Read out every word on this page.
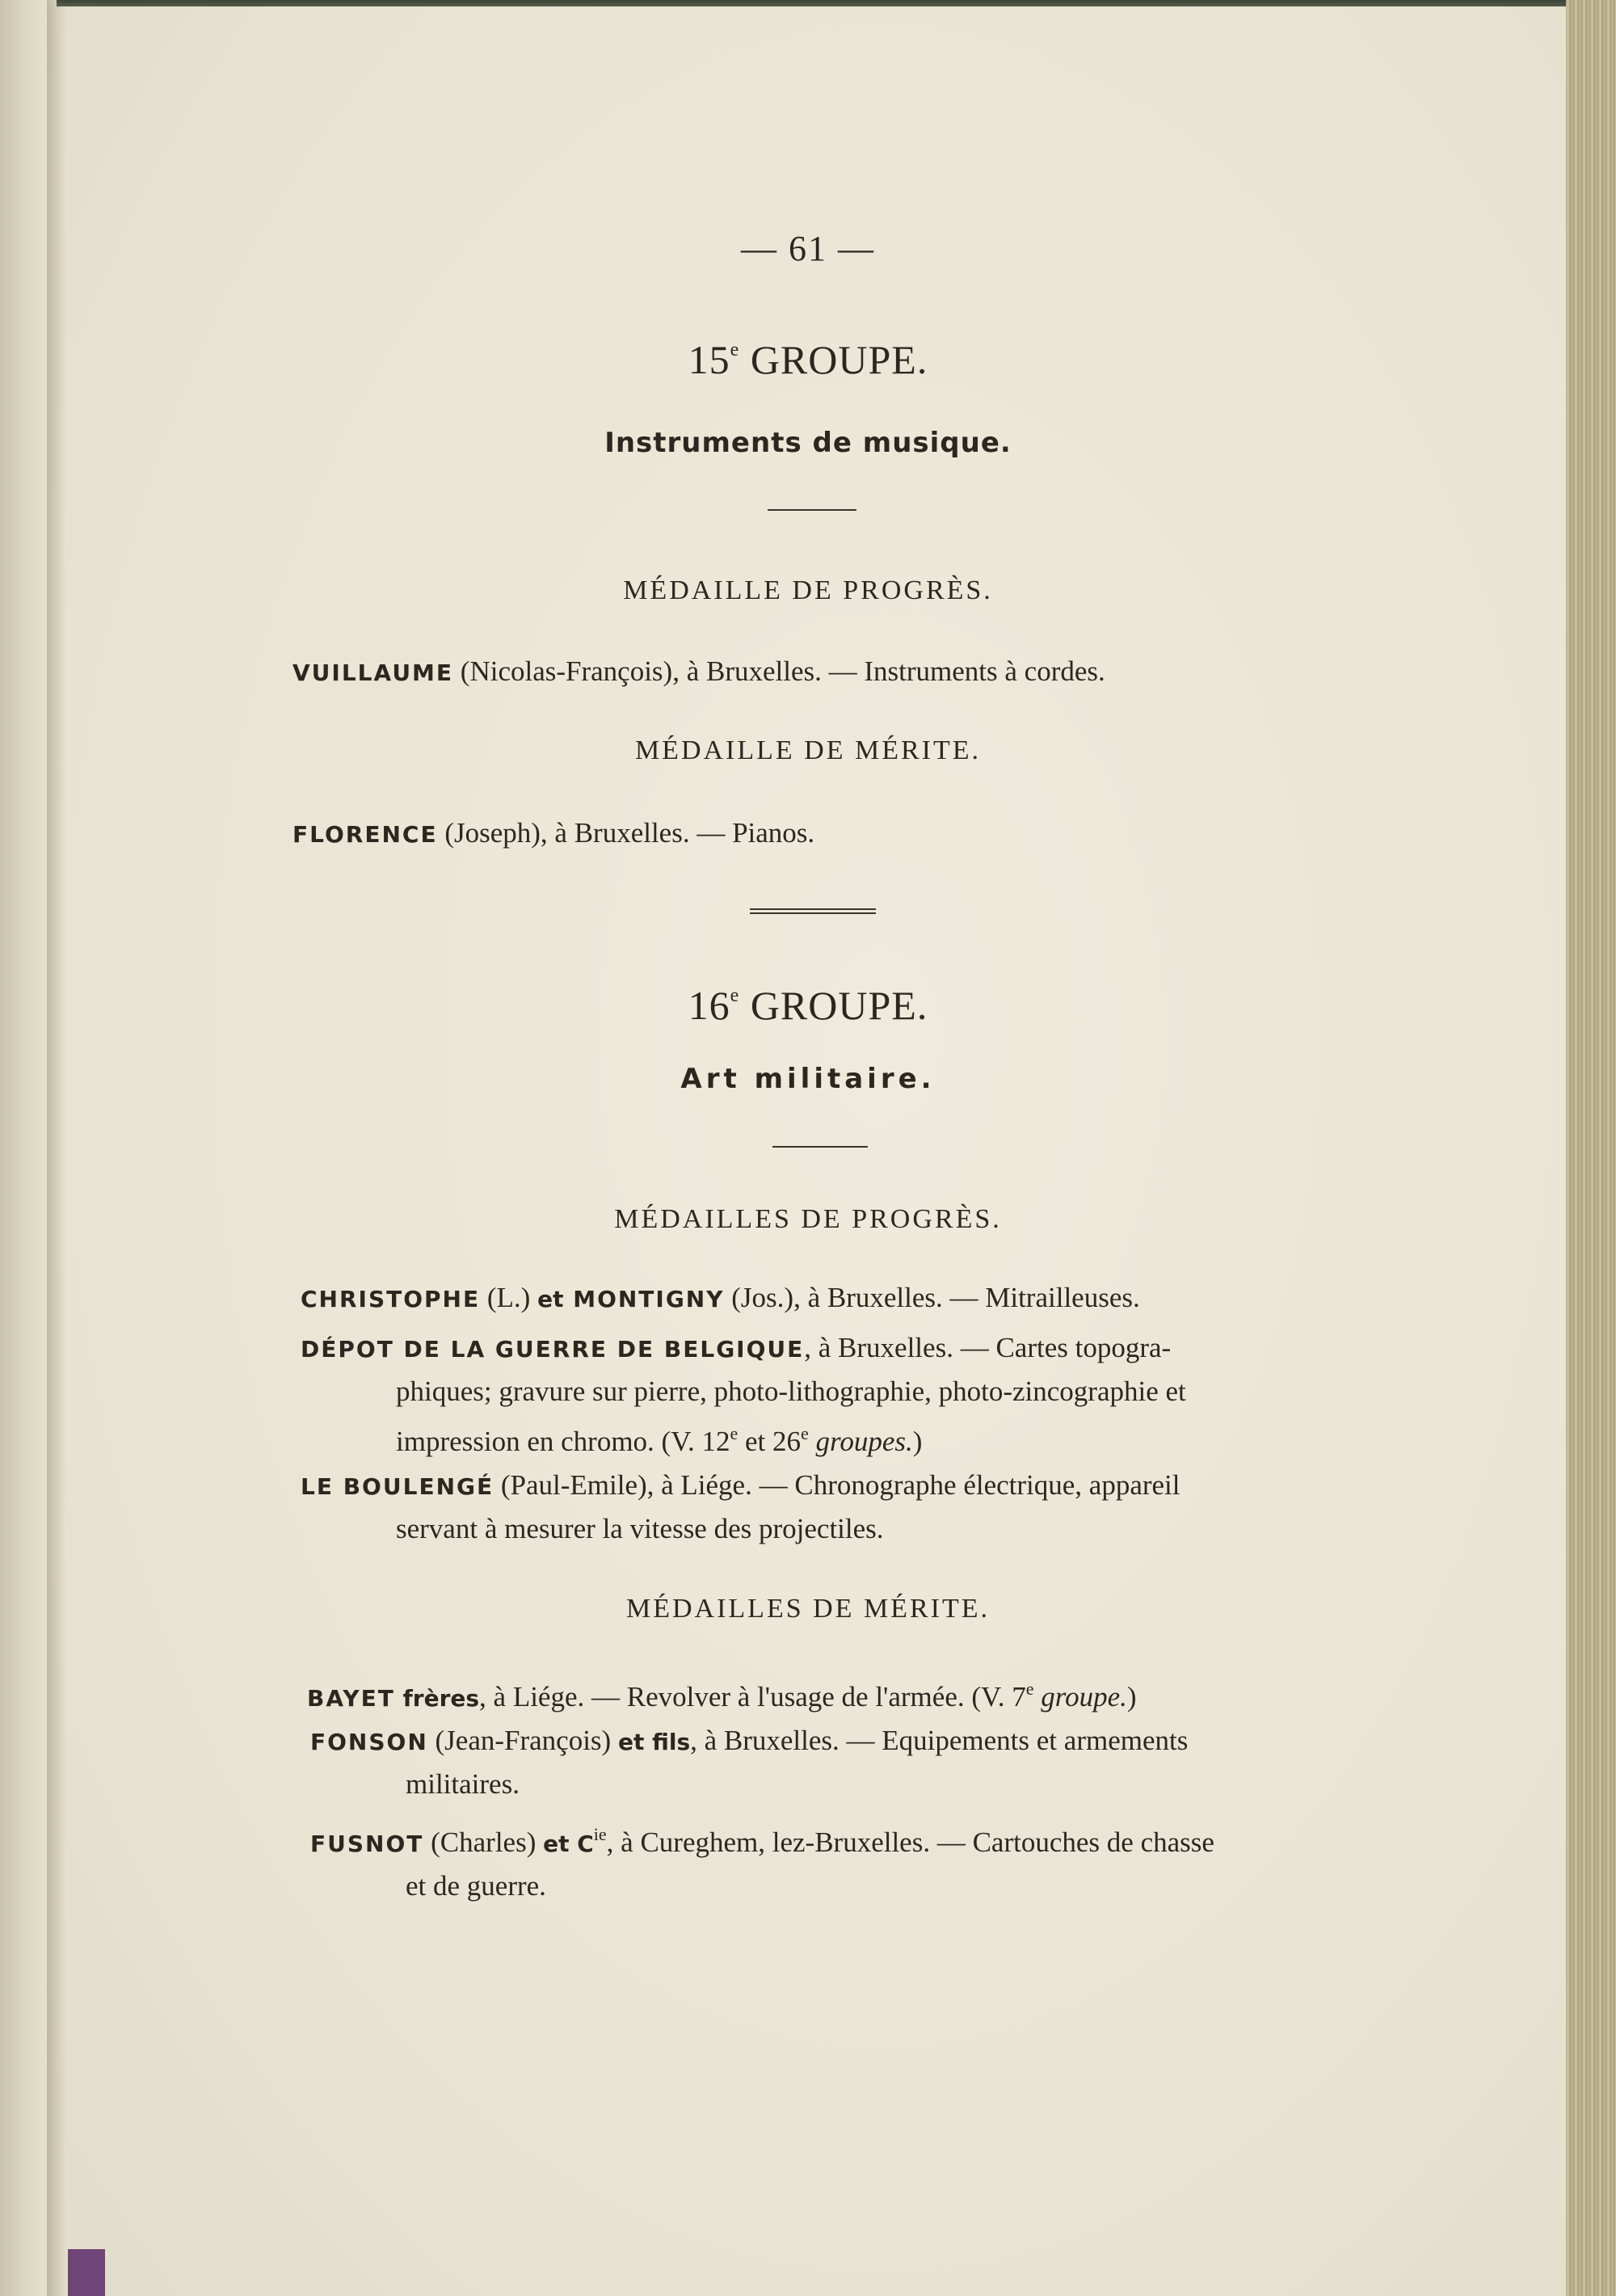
— 61 —
15e GROUPE.
Instruments de musique.
MÉDAILLE DE PROGRÈS.
VUILLAUME (Nicolas-François), à Bruxelles. — Instruments à cordes.
MÉDAILLE DE MÉRITE.
FLORENCE (Joseph), à Bruxelles. — Pianos.
16e GROUPE.
Art militaire.
MÉDAILLES DE PROGRÈS.
CHRISTOPHE (L.) et MONTIGNY (Jos.), à Bruxelles. — Mitrailleuses.
DÉPOT DE LA GUERRE DE BELGIQUE, à Bruxelles. — Cartes topogra-
phiques; gravure sur pierre, photo-lithographie, photo-zincographie et
impression en chromo. (V. 12e et 26e groupes.)
LE BOULENGÉ (Paul-Emile), à Liége. — Chronographe électrique, appareil
servant à mesurer la vitesse des projectiles.
MÉDAILLES DE MÉRITE.
BAYET frères, à Liége. — Revolver à l'usage de l'armée. (V. 7e groupe.)
FONSON (Jean-François) et fils, à Bruxelles. — Equipements et armements
militaires.
FUSNOT (Charles) et $C^{ie}$, à Cureghem, lez-Bruxelles. — Cartouches de chasse
et de guerre.
